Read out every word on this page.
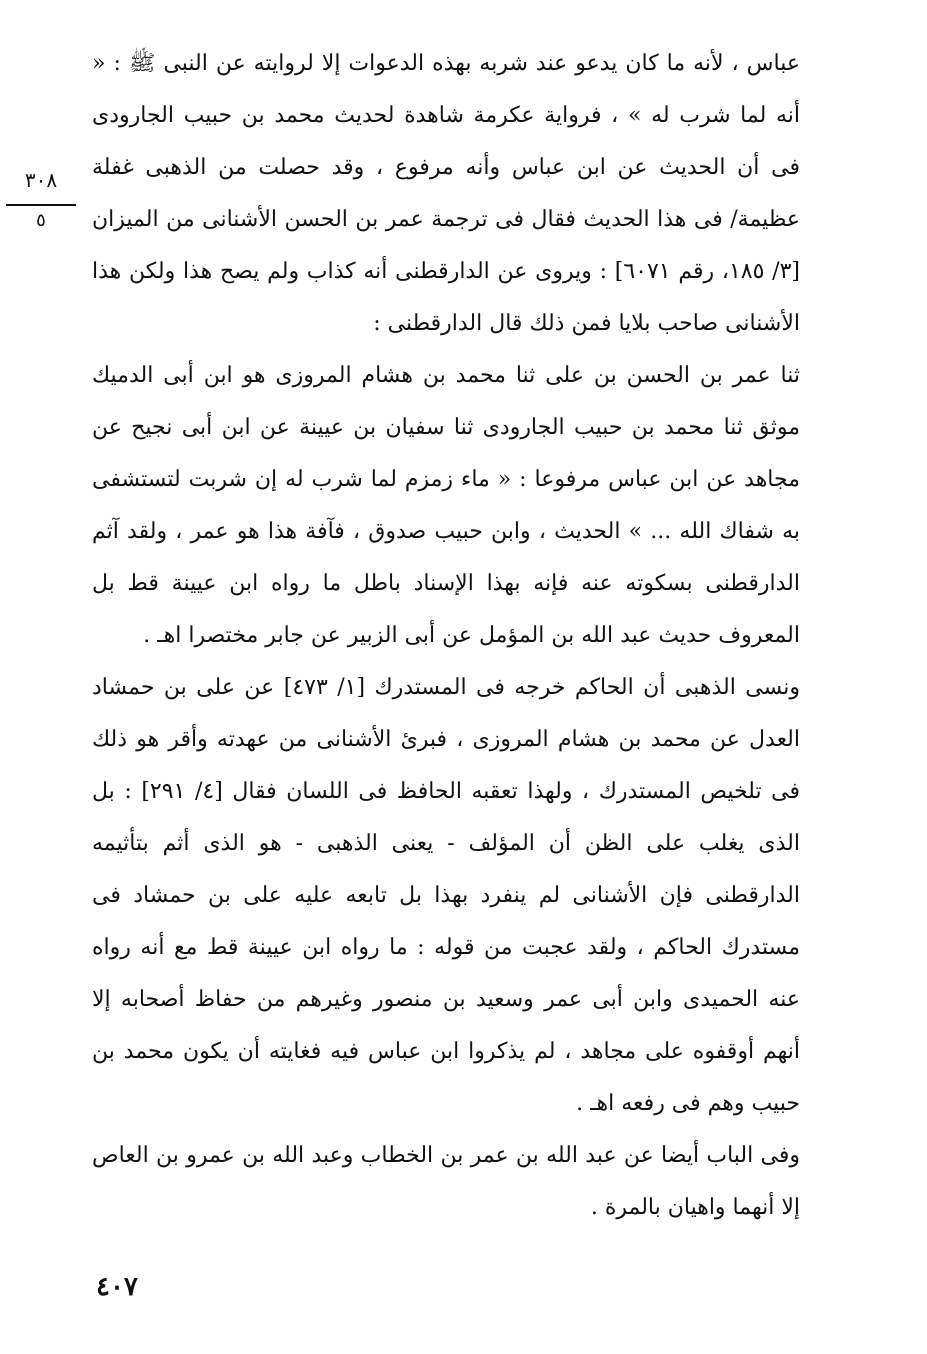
عباس ، لأنه ما كان يدعو عند شربه بهذه الدعوات إلا لروايته عن النبى ﷺ : « أنه لما شرب له » ، فرواية عكرمة شاهدة لحديث محمد بن حبيب الجارودى فى أن الحديث عن ابن عباس وأنه مرفوع ، وقد حصلت من الذهبى غفلة عظيمة/ فى هذا الحديث فقال فى ترجمة عمر بن الحسن الأشنانى من الميزان [٣/ ١٨٥، رقم ٦٠٧١] : ويروى عن الدارقطنى أنه كذاب ولم يصح هذا ولكن هذا الأشنانى صاحب بلايا فمن ذلك قال الدارقطنى :

ثنا عمر بن الحسن بن على ثنا محمد بن هشام المروزى هو ابن أبى الدميك موثق ثنا محمد بن حبيب الجارودى ثنا سفيان بن عيينة عن ابن أبى نجيح عن مجاهد عن ابن عباس مرفوعا : « ماء زمزم لما شرب له إن شربت لتستشفى به شفاك الله ... » الحديث ، وابن حبيب صدوق ، فآفة هذا هو عمر ، ولقد آثم الدارقطنى بسكوته عنه فإنه بهذا الإسناد باطل ما رواه ابن عيينة قط بل المعروف حديث عبد الله بن المؤمل عن أبى الزبير عن جابر مختصرا اهـ .

ونسى الذهبى أن الحاكم خرجه فى المستدرك [١/ ٤٧٣] عن على بن حمشاد العدل عن محمد بن هشام المروزى ، فبرئ الأشنانى من عهدته وأقر هو ذلك فى تلخيص المستدرك ، ولهذا تعقبه الحافظ فى اللسان فقال [٤/ ٢٩١] : بل الذى يغلب على الظن أن المؤلف - يعنى الذهبى - هو الذى أثم بتأثيمه الدارقطنى فإن الأشنانى لم ينفرد بهذا بل تابعه عليه على بن حمشاد فى مستدرك الحاكم ، ولقد عجبت من قوله : ما رواه ابن عيينة قط مع أنه رواه عنه الحميدى وابن أبى عمر وسعيد بن منصور وغيرهم من حفاظ أصحابه إلا أنهم أوقفوه على مجاهد ، لم يذكروا ابن عباس فيه فغايته أن يكون محمد بن حبيب وهم فى رفعه اهـ .

وفى الباب أيضا عن عبد الله بن عمر بن الخطاب وعبد الله بن عمرو بن العاص إلا أنهما واهيان بالمرة .

٣٠٨
٥
٤٠٧
